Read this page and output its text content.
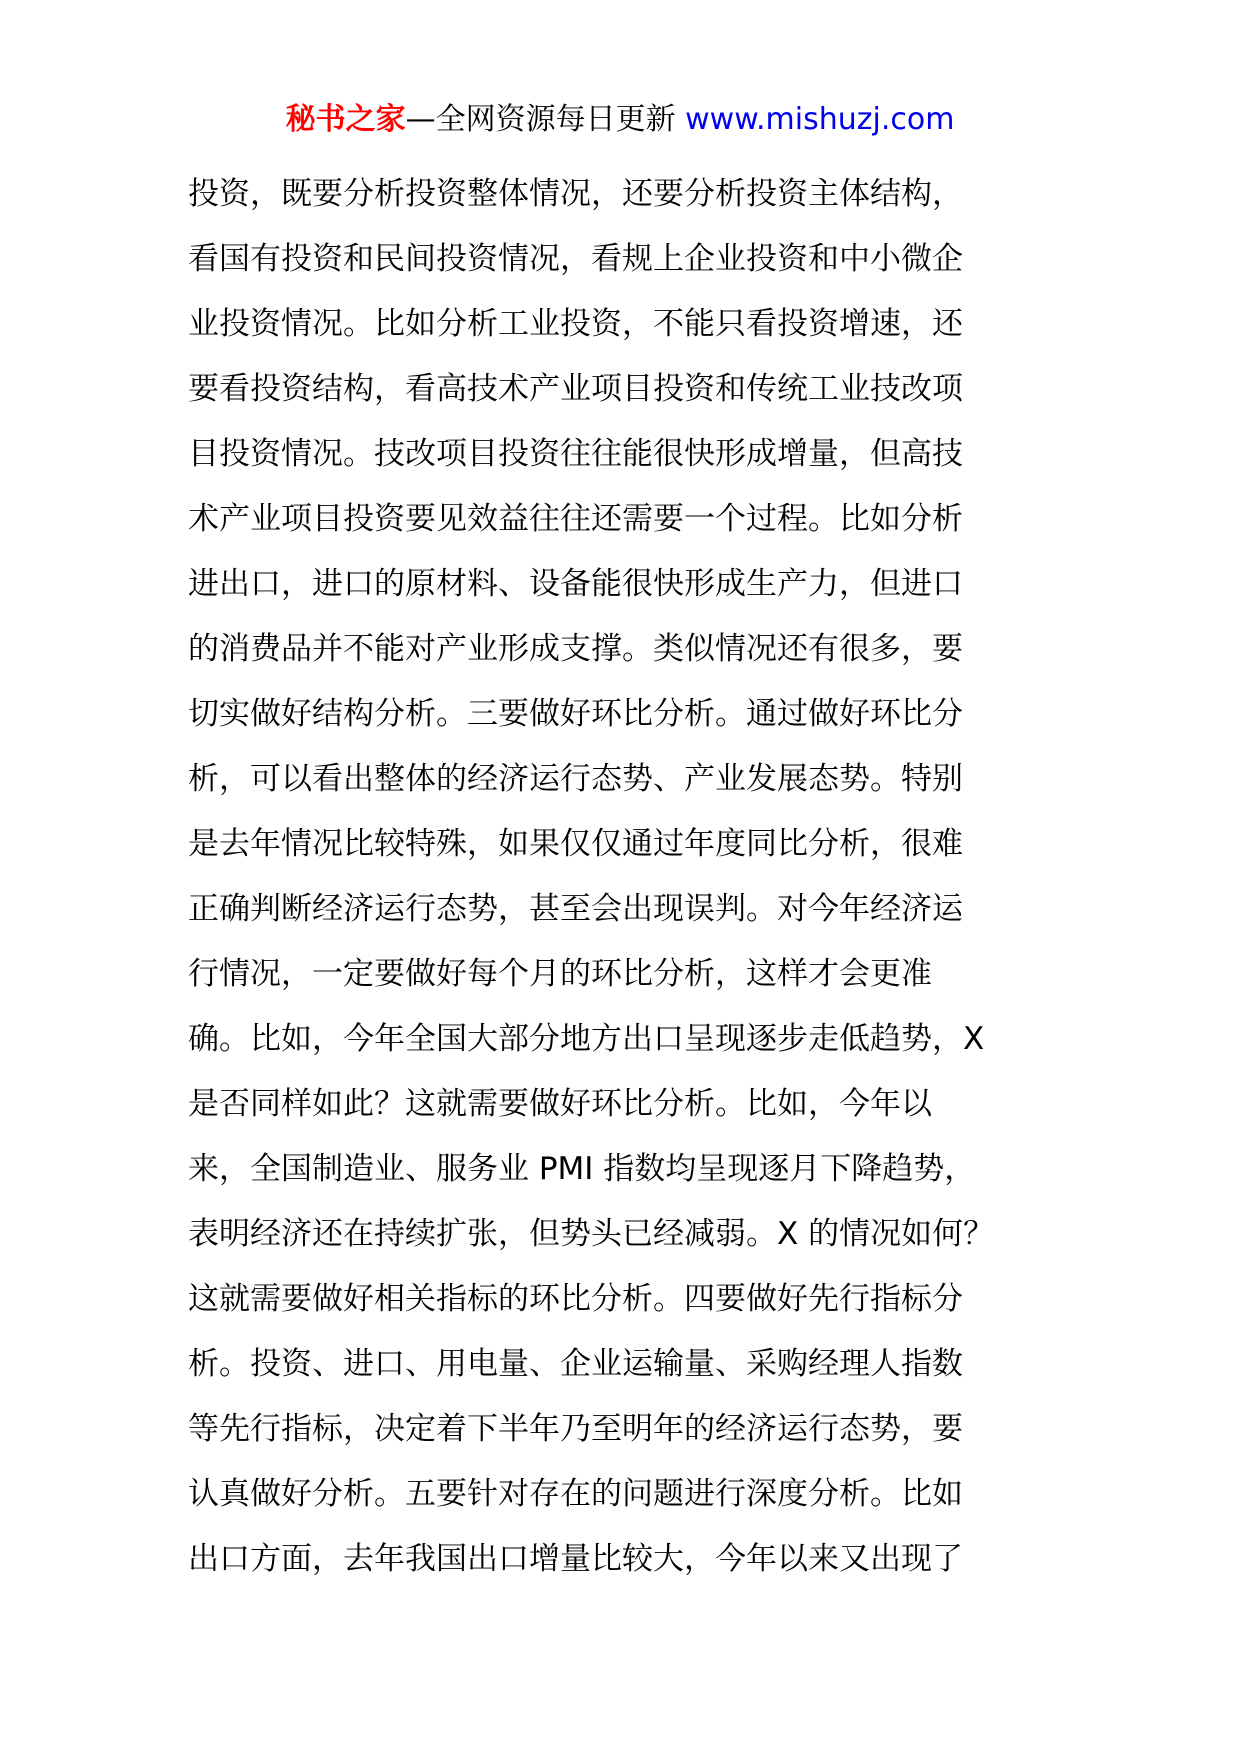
秘书之家—全网资源每日更新 www.mishuzj.com
投资，既要分析投资整体情况，还要分析投资主体结构，
看国有投资和民间投资情况，看规上企业投资和中小微企
业投资情况。比如分析工业投资，不能只看投资增速，还
要看投资结构，看高技术产业项目投资和传统工业技改项
目投资情况。技改项目投资往往能很快形成增量，但高技
术产业项目投资要见效益往往还需要一个过程。比如分析
进出口，进口的原材料、设备能很快形成生产力，但进口
的消费品并不能对产业形成支撑。类似情况还有很多，要
切实做好结构分析。三要做好环比分析。通过做好环比分
析，可以看出整体的经济运行态势、产业发展态势。特别
是去年情况比较特殊，如果仅仅通过年度同比分析，很难
正确判断经济运行态势，甚至会出现误判。对今年经济运
行情况，一定要做好每个月的环比分析，这样才会更准
确。比如，今年全国大部分地方出口呈现逐步走低趋势，X
是否同样如此？这就需要做好环比分析。比如，今年以
来，全国制造业、服务业 PMI 指数均呈现逐月下降趋势，
表明经济还在持续扩张，但势头已经减弱。X 的情况如何？
这就需要做好相关指标的环比分析。四要做好先行指标分
析。投资、进口、用电量、企业运输量、采购经理人指数
等先行指标，决定着下半年乃至明年的经济运行态势，要
认真做好分析。五要针对存在的问题进行深度分析。比如
出口方面，去年我国出口增量比较大，今年以来又出现了
